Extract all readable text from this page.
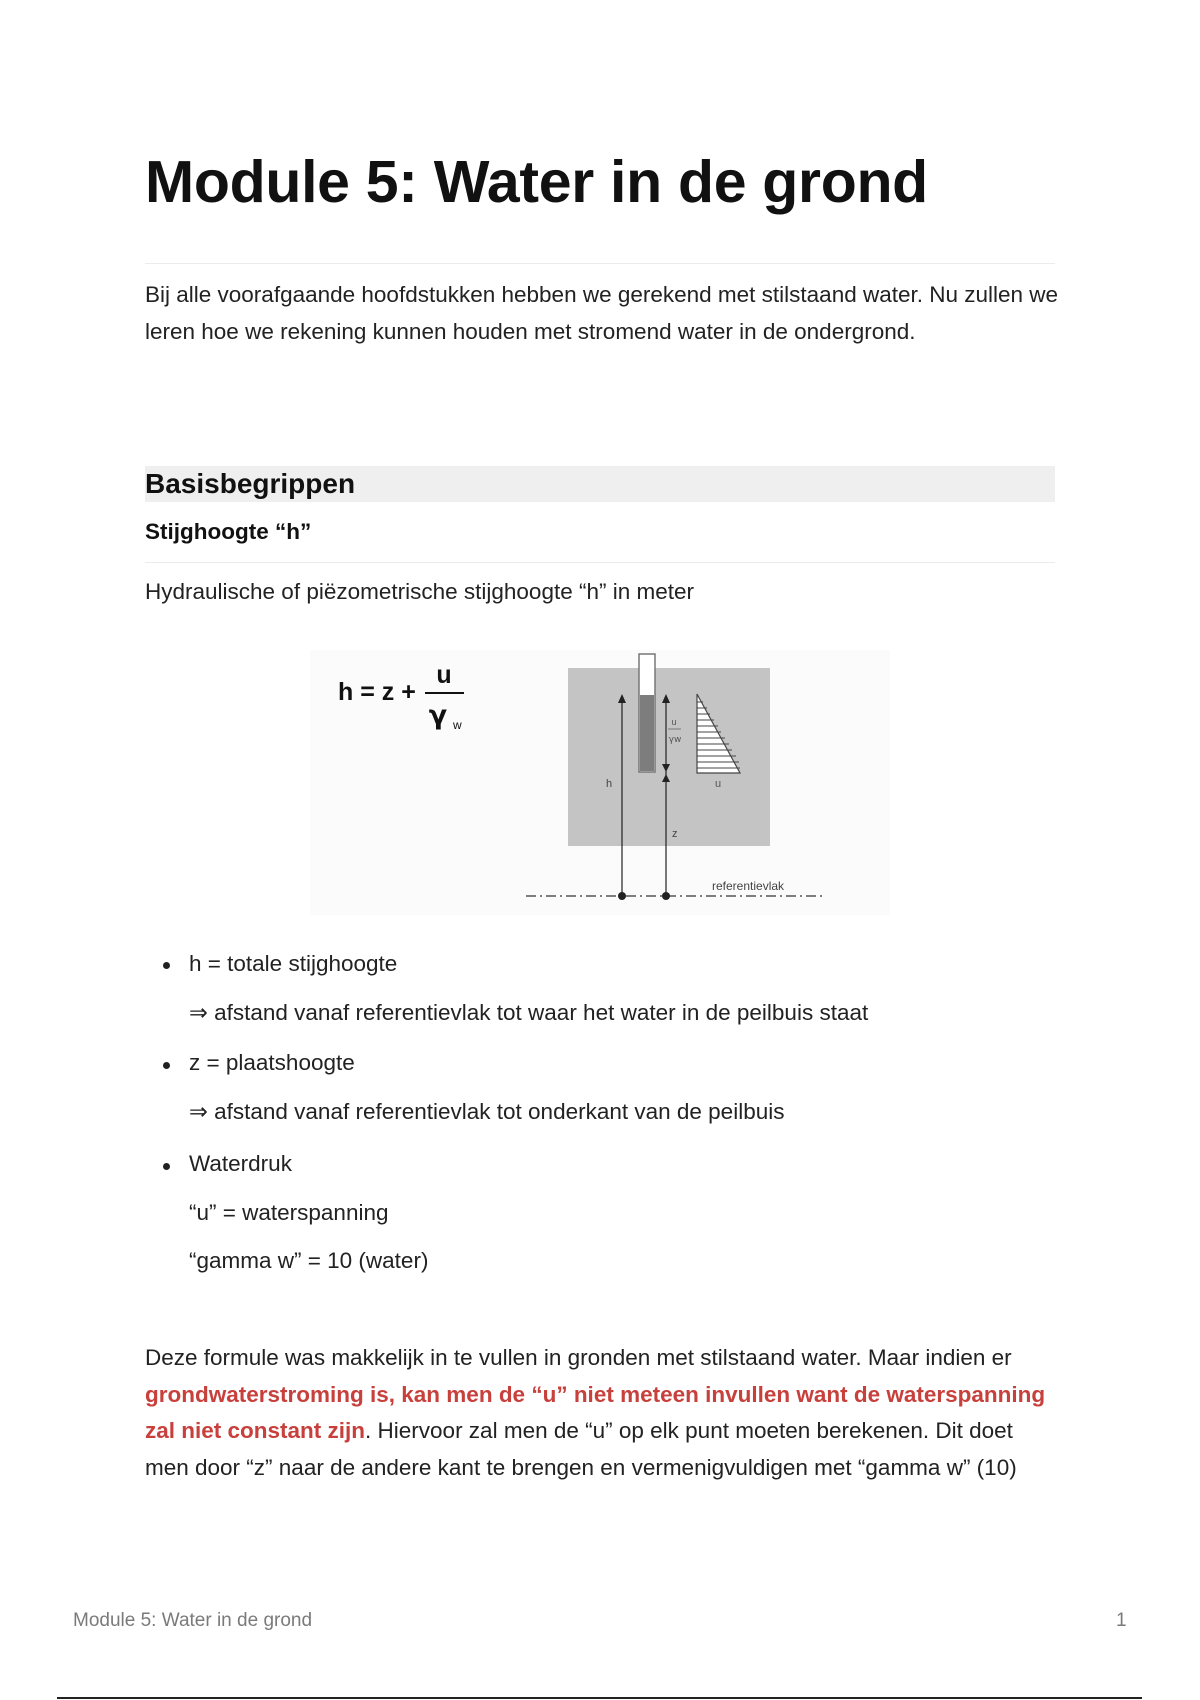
Module 5: Water in de grond

Bij alle voorafgaande hoofdstukken hebben we gerekend met stilstaand water. Nu zullen we leren hoe we rekening kunnen houden met stromend water in de ondergrond.

Basisbegrippen
Stijghoogte “h”

Hydraulische of piëzometrische stijghoogte “h” in meter

h = z +
u
γ w
u
h
u
γw
z
referentievlak

h = totale stijghoogte

⇒ afstand vanaf referentievlak tot waar het water in de peilbuis staat

z = plaatshoogte

⇒ afstand vanaf referentievlak tot onderkant van de peilbuis

Waterdruk

“u” = waterspanning

“gamma w” = 10 (water)

Deze formule was makkelijk in te vullen in gronden met stilstaand water. Maar indien er grondwaterstroming is, kan men de “u” niet meteen invullen want de waterspanning zal niet constant zijn. Hiervoor zal men de “u” op elk punt moeten berekenen. Dit doet men door “z” naar de andere kant te brengen en vermenigvuldigen met “gamma w” (10)

Module 5: Water in de grond	1
